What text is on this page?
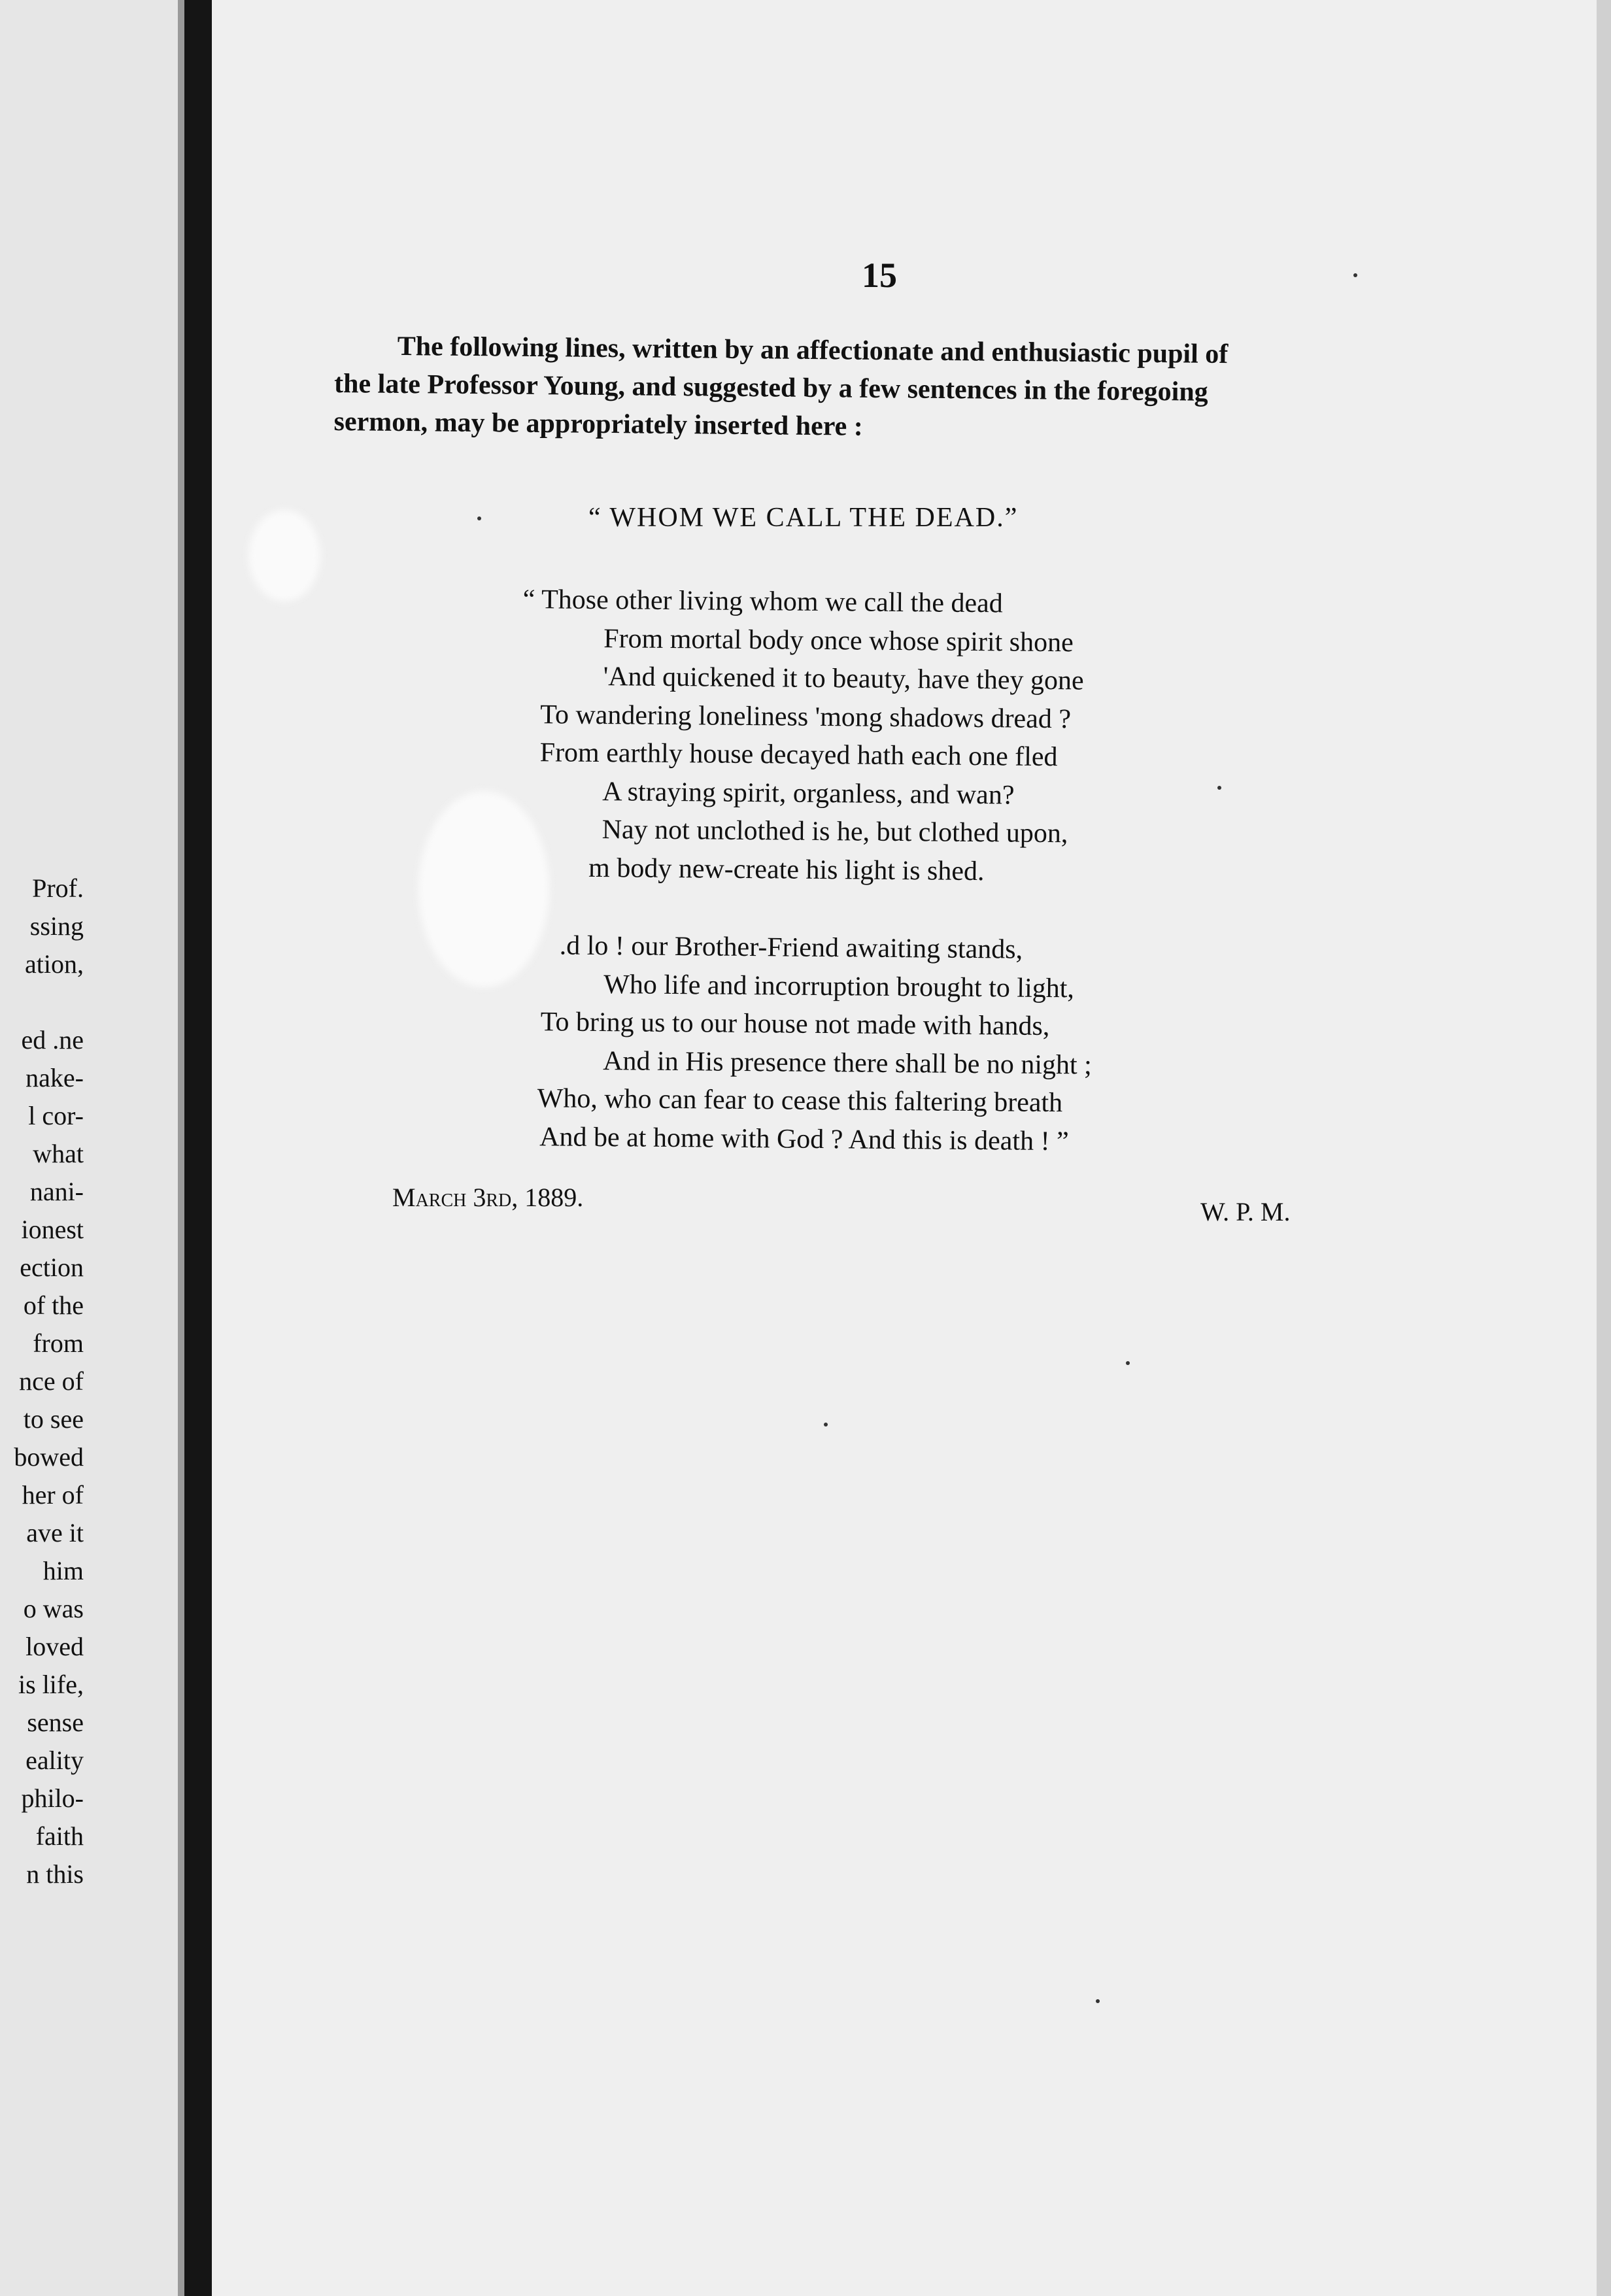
Prof.
ssing
ation,

ed .ne
nake-
l cor-
what
nani-
ionest
ection
of the
from
nce of
to see
bowed
her of
ave it
him
o was
loved
is life,
sense
eality
philo-
faith
n this
15
The following lines, written by an affectionate and enthusiastic pupil of
the late Professor Young, and suggested by a few sentences in the foregoing
sermon, may be appropriately inserted here :
“ WHOM WE CALL THE DEAD.”
“ Those other living whom we call the dead
From mortal body once whose spirit shone
'And quickened it to beauty, have they gone
To wandering loneliness 'mong shadows dread ?
From earthly house decayed hath each one fled
A straying spirit, organless, and wan?
Nay not unclothed is he, but clothed upon,
m body new-create his light is shed.
.d lo ! our Brother-Friend awaiting stands,
Who life and incorruption brought to light,
To bring us to our house not made with hands,
And in His presence there shall be no night ;
Who, who can fear to cease this faltering breath
And be at home with God ? And this is death ! ”
March 3rd, 1889.	W. P. M.
